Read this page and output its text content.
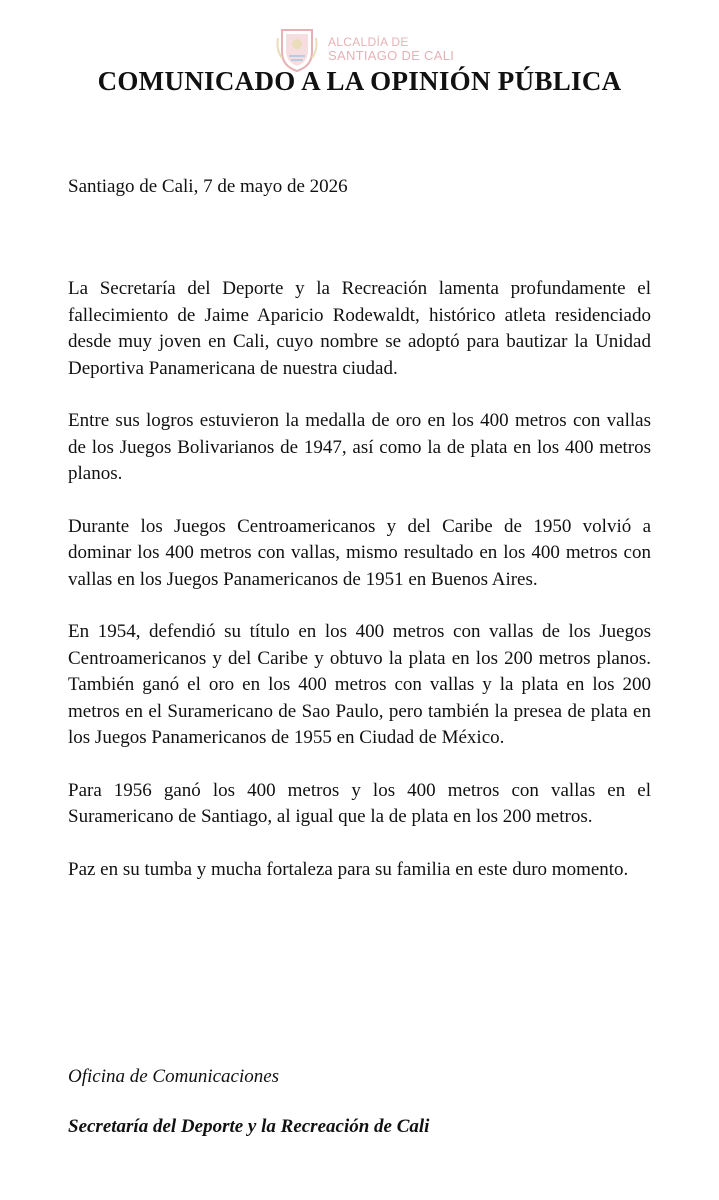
ALCALDÍA DE
SANTIAGO DE CALI
COMUNICADO A LA OPINIÓN PÚBLICA

Santiago de Cali, 7 de mayo de 2026

La Secretaría del Deporte y la Recreación lamenta profundamente el fallecimiento de Jaime Aparicio Rodewaldt, histórico atleta residenciado desde muy joven en Cali, cuyo nombre se adoptó para bautizar la Unidad Deportiva Panamericana de nuestra ciudad.

Entre sus logros estuvieron la medalla de oro en los 400 metros con vallas de los Juegos Bolivarianos de 1947, así como la de plata en los 400 metros planos.

Durante los Juegos Centroamericanos y del Caribe de 1950 volvió a dominar los 400 metros con vallas, mismo resultado en los 400 metros con vallas en los Juegos Panamericanos de 1951 en Buenos Aires.

En 1954, defendió su título en los 400 metros con vallas de los Juegos Centroamericanos y del Caribe y obtuvo la plata en los 200 metros planos. También ganó el oro en los 400 metros con vallas y la plata en los 200 metros en el Suramericano de Sao Paulo, pero también la presea de plata en los Juegos Panamericanos de 1955 en Ciudad de México.

Para 1956 ganó los 400 metros y los 400 metros con vallas en el Suramericano de Santiago, al igual que la de plata en los 200 metros.

Paz en su tumba y mucha fortaleza para su familia en este duro momento.

Oficina de Comunicaciones

Secretaría del Deporte y la Recreación de Cali
